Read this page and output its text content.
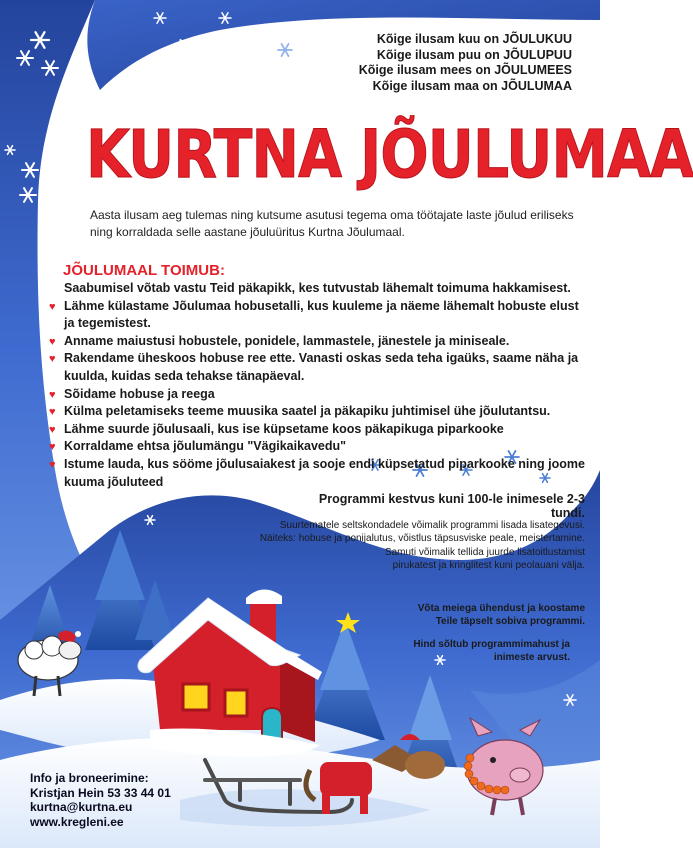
Kõige ilusam kuu on JÕULUKUU
Kõige ilusam puu on JÕULUPUU
Kõige ilusam mees on JÕULUMEES
Kõige ilusam maa on JÕULUMAA
KURTNA JÕULUMAA
Aasta ilusam aeg tulemas ning kutsume asutusi tegema oma töötajate laste jõulud eriliseks ning korraldada selle aastane jõuluüritus Kurtna Jõulumaal.
JÕULUMAAL TOIMUB:
Saabumisel võtab vastu Teid päkapikk, kes tutvustab lähemalt toimuma hakkamisest.
♥ Lähme külastame Jõulumaa hobusetalli, kus kuuleme ja näeme lähemalt hobuste elust ja tegemistest.
♥ Anname maiustusi hobustele, ponidele, lammastele, jänestele ja miniseale.
♥ Rakendame üheskoos hobuse ree ette. Vanasti oskas seda teha igaüks, saame näha ja kuulda, kuidas seda tehakse tänapäeval.
♥ Sõidame hobuse ja reega
♥ Külma peletamiseks teeme muusika saatel ja päkapiku juhtimisel ühe jõulutantsu.
♥ Lähme suurde jõulusaali, kus ise küpsetame koos päkapikuga piparkooke
♥ Korraldame ehtsa jõulumängu "Vägikaikavedu"
♥ Istume lauda, kus sööme jõulusaiakest ja sooje endi küpsetatud piparkooke ning joome kuuma jõuluteed
Programmi kestvus kuni 100-le inimesele 2-3 tundi.
Suurtematele seltskondadele võimalik programmi lisada lisategevusi.
Näiteks: hobuse ja ponijalutus, võistlus täpsusviske peale, meistertamine.
Samuti võimalik tellida juurde lisatoitlustamist
pirukatest ja kringlitest kuni peolauani välja.
Võta meiega ühendust ja koostame
Teile täpselt sobiva programmi.
Hind sõltub programmimahust ja
inimeste arvust.
Info ja broneerimine:
Kristjan Hein 53 33 44 01
kurtna@kurtna.eu
www.kregleni.ee
